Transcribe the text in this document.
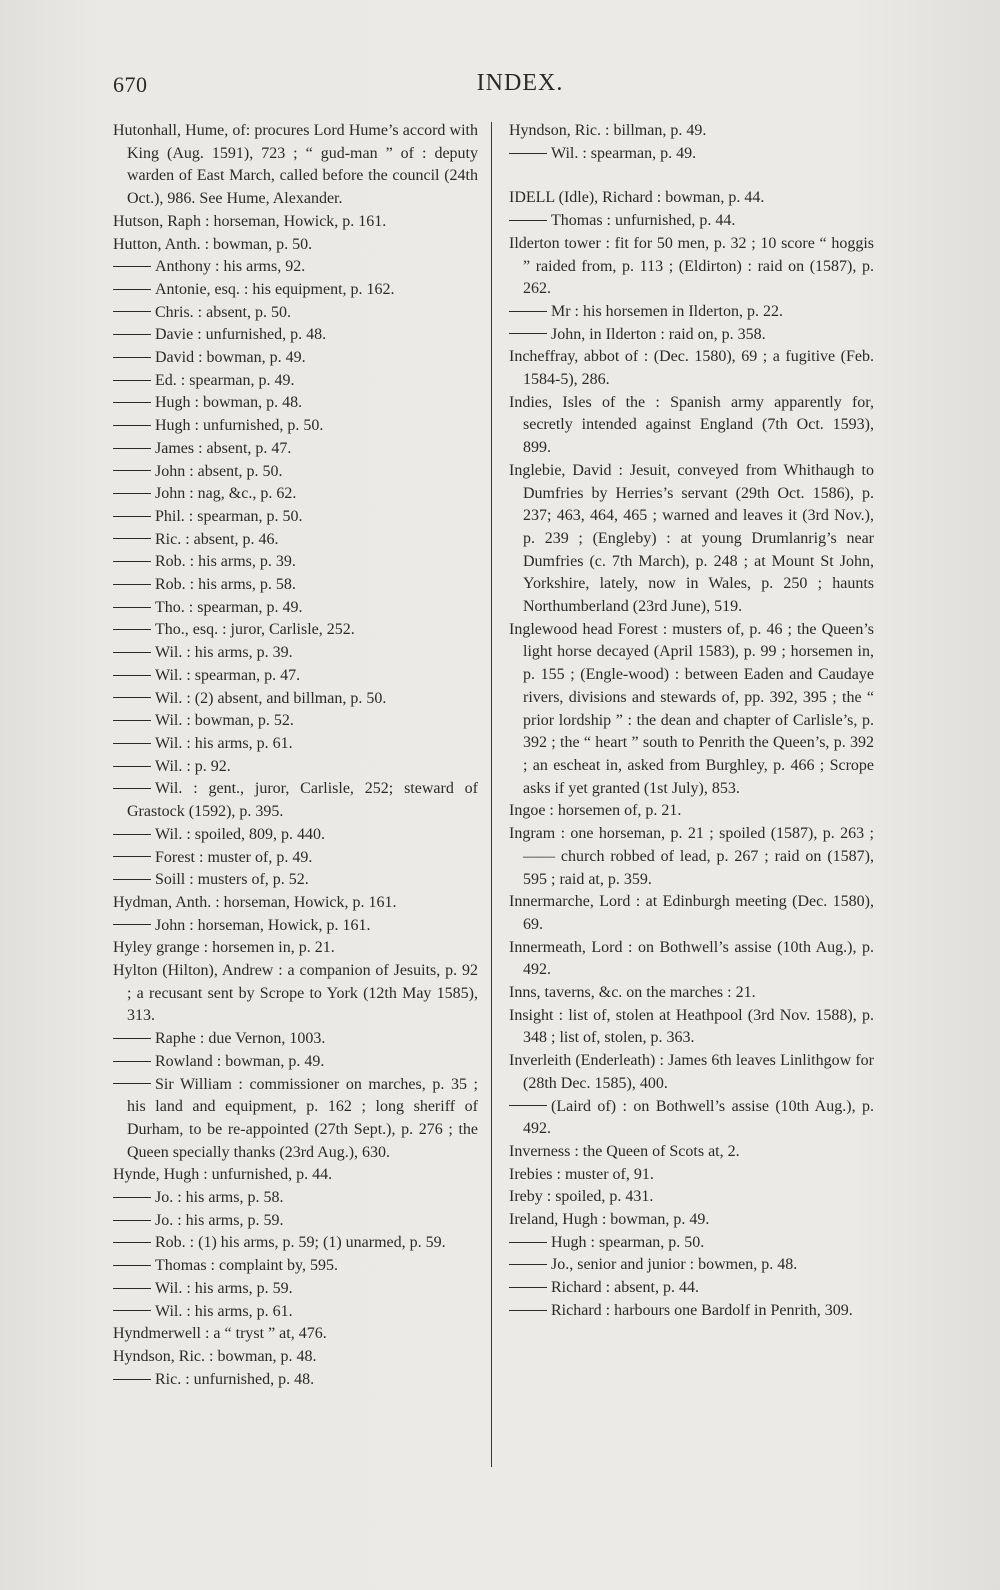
670	INDEX.

Hutonhall, Hume, of: procures Lord Hume’s accord with King (Aug. 1591), 723 ; “ gud-man ” of : deputy warden of East March, called before the council (24th Oct.), 986. See Hume, Alexander.

Hutson, Raph : horseman, Howick, p. 161.

Hutton, Anth. : bowman, p. 50.

Anthony : his arms, 92.

Antonie, esq. : his equipment, p. 162.

Chris. : absent, p. 50.

Davie : unfurnished, p. 48.

David : bowman, p. 49.

Ed. : spearman, p. 49.

Hugh : bowman, p. 48.

Hugh : unfurnished, p. 50.

James : absent, p. 47.

John : absent, p. 50.

John : nag, &c., p. 62.

Phil. : spearman, p. 50.

Ric. : absent, p. 46.

Rob. : his arms, p. 39.

Rob. : his arms, p. 58.

Tho. : spearman, p. 49.

Tho., esq. : juror, Carlisle, 252.

Wil. : his arms, p. 39.

Wil. : spearman, p. 47.

Wil. : (2) absent, and billman, p. 50.

Wil. : bowman, p. 52.

Wil. : his arms, p. 61.

Wil. : p. 92.

Wil. : gent., juror, Carlisle, 252; steward of Grastock (1592), p. 395.

Wil. : spoiled, 809, p. 440.

Forest : muster of, p. 49.

Soill : musters of, p. 52.

Hydman, Anth. : horseman, Howick, p. 161.

John : horseman, Howick, p. 161.

Hyley grange : horsemen in, p. 21.

Hylton (Hilton), Andrew : a companion of Jesuits, p. 92 ; a recusant sent by Scrope to York (12th May 1585), 313.

Raphe : due Vernon, 1003.

Rowland : bowman, p. 49.

Sir William : commissioner on marches, p. 35 ; his land and equipment, p. 162 ; long sheriff of Durham, to be re-appointed (27th Sept.), p. 276 ; the Queen specially thanks (23rd Aug.), 630.

Hynde, Hugh : unfurnished, p. 44.

Jo. : his arms, p. 58.

Jo. : his arms, p. 59.

Rob. : (1) his arms, p. 59; (1) unarmed, p. 59.

Thomas : complaint by, 595.

Wil. : his arms, p. 59.

Wil. : his arms, p. 61.

Hyndmerwell : a “ tryst ” at, 476.

Hyndson, Ric. : bowman, p. 48.

Ric. : unfurnished, p. 48.

Hyndson, Ric. : billman, p. 49.

Wil. : spearman, p. 49.

IDELL (Idle), Richard : bowman, p. 44.

Thomas : unfurnished, p. 44.

Ilderton tower : fit for 50 men, p. 32 ; 10 score “ hoggis ” raided from, p. 113 ; (Eldirton) : raid on (1587), p. 262.

Mr : his horsemen in Ilderton, p. 22.

John, in Ilderton : raid on, p. 358.

Incheffray, abbot of : (Dec. 1580), 69 ; a fugitive (Feb. 1584-5), 286.

Indies, Isles of the : Spanish army apparently for, secretly intended against England (7th Oct. 1593), 899.

Inglebie, David : Jesuit, conveyed from Whithaugh to Dumfries by Herries’s servant (29th Oct. 1586), p. 237; 463, 464, 465 ; warned and leaves it (3rd Nov.), p. 239 ; (Engleby) : at young Drumlanrig’s near Dumfries (c. 7th March), p. 248 ; at Mount St John, Yorkshire, lately, now in Wales, p. 250 ; haunts Northumberland (23rd June), 519.

Inglewood head Forest : musters of, p. 46 ; the Queen’s light horse decayed (April 1583), p. 99 ; horsemen in, p. 155 ; (Engle-wood) : between Eaden and Caudaye rivers, divisions and stewards of, pp. 392, 395 ; the “ prior lordship ” : the dean and chapter of Carlisle’s, p. 392 ; the “ heart ” south to Penrith the Queen’s, p. 392 ; an escheat in, asked from Burghley, p. 466 ; Scrope asks if yet granted (1st July), 853.

Ingoe : horsemen of, p. 21.

Ingram : one horseman, p. 21 ; spoiled (1587), p. 263 ; —— church robbed of lead, p. 267 ; raid on (1587), 595 ; raid at, p. 359.

Innermarche, Lord : at Edinburgh meeting (Dec. 1580), 69.

Innermeath, Lord : on Bothwell’s assise (10th Aug.), p. 492.

Inns, taverns, &c. on the marches : 21.

Insight : list of, stolen at Heathpool (3rd Nov. 1588), p. 348 ; list of, stolen, p. 363.

Inverleith (Enderleath) : James 6th leaves Linlithgow for (28th Dec. 1585), 400.

(Laird of) : on Bothwell’s assise (10th Aug.), p. 492.

Inverness : the Queen of Scots at, 2.

Irebies : muster of, 91.

Ireby : spoiled, p. 431.

Ireland, Hugh : bowman, p. 49.

Hugh : spearman, p. 50.

Jo., senior and junior : bowmen, p. 48.

Richard : absent, p. 44.

Richard : harbours one Bardolf in Penrith, 309.
